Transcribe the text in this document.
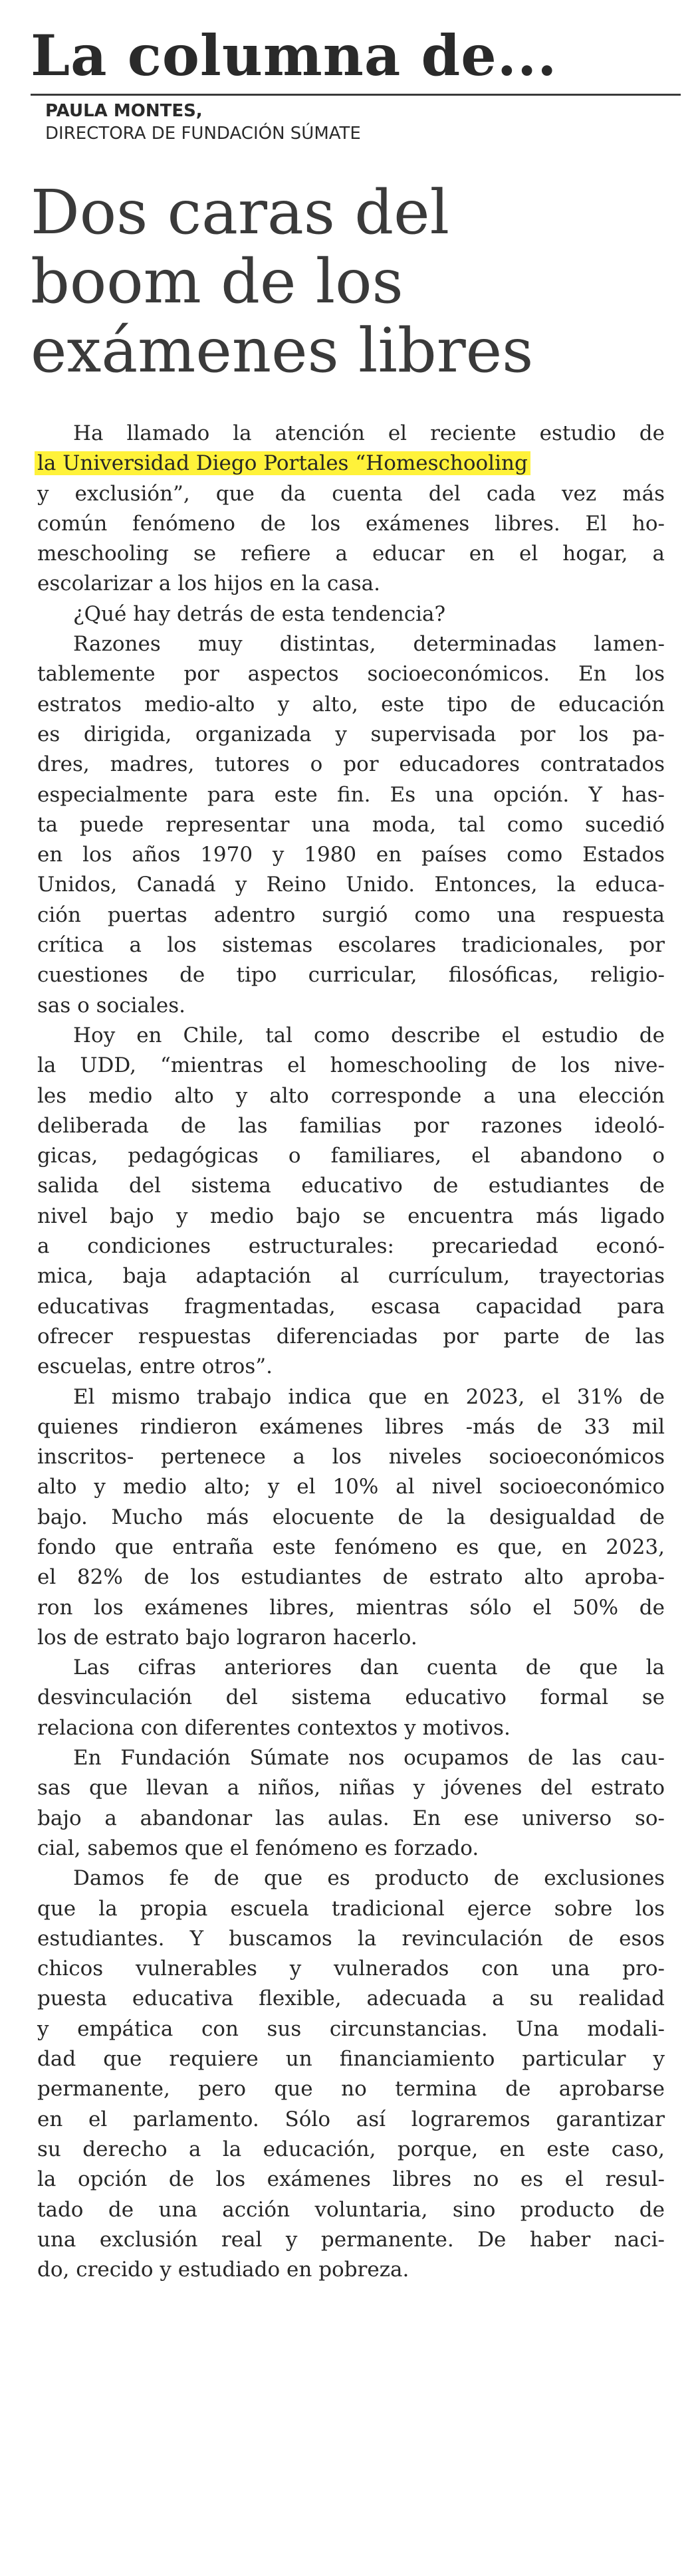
La columna de...
PAULA MONTES,
DIRECTORA DE FUNDACIÓN SÚMATE
Dos caras del
boom de los
exámenes libres
Ha llamado la atención el reciente estudio de
la Universidad Diego Portales “Homeschooling
y exclusión”, que da cuenta del cada vez más
común fenómeno de los exámenes libres. El ho-
meschooling se refiere a educar en el hogar, a
escolarizar a los hijos en la casa.
¿Qué hay detrás de esta tendencia?
Razones muy distintas, determinadas lamen-
tablemente por aspectos socioeconómicos. En los
estratos medio-alto y alto, este tipo de educación
es dirigida, organizada y supervisada por los pa-
dres, madres, tutores o por educadores contratados
especialmente para este fin. Es una opción. Y has-
ta puede representar una moda, tal como sucedió
en los años 1970 y 1980 en países como Estados
Unidos, Canadá y Reino Unido. Entonces, la educa-
ción puertas adentro surgió como una respuesta
crítica a los sistemas escolares tradicionales, por
cuestiones de tipo curricular, filosóficas, religio-
sas o sociales.
Hoy en Chile, tal como describe el estudio de
la UDD, “mientras el homeschooling de los nive-
les medio alto y alto corresponde a una elección
deliberada de las familias por razones ideoló-
gicas, pedagógicas o familiares, el abandono o
salida del sistema educativo de estudiantes de
nivel bajo y medio bajo se encuentra más ligado
a condiciones estructurales: precariedad econó-
mica, baja adaptación al currículum, trayectorias
educativas fragmentadas, escasa capacidad para
ofrecer respuestas diferenciadas por parte de las
escuelas, entre otros”.
El mismo trabajo indica que en 2023, el 31% de
quienes rindieron exámenes libres -más de 33 mil
inscritos- pertenece a los niveles socioeconómicos
alto y medio alto; y el 10% al nivel socioeconómico
bajo. Mucho más elocuente de la desigualdad de
fondo que entraña este fenómeno es que, en 2023,
el 82% de los estudiantes de estrato alto aproba-
ron los exámenes libres, mientras sólo el 50% de
los de estrato bajo lograron hacerlo.
Las cifras anteriores dan cuenta de que la
desvinculación del sistema educativo formal se
relaciona con diferentes contextos y motivos.
En Fundación Súmate nos ocupamos de las cau-
sas que llevan a niños, niñas y jóvenes del estrato
bajo a abandonar las aulas. En ese universo so-
cial, sabemos que el fenómeno es forzado.
Damos fe de que es producto de exclusiones
que la propia escuela tradicional ejerce sobre los
estudiantes. Y buscamos la revinculación de esos
chicos vulnerables y vulnerados con una pro-
puesta educativa flexible, adecuada a su realidad
y empática con sus circunstancias. Una modali-
dad que requiere un financiamiento particular y
permanente, pero que no termina de aprobarse
en el parlamento. Sólo así lograremos garantizar
su derecho a la educación, porque, en este caso,
la opción de los exámenes libres no es el resul-
tado de una acción voluntaria, sino producto de
una exclusión real y permanente. De haber naci-
do, crecido y estudiado en pobreza.
